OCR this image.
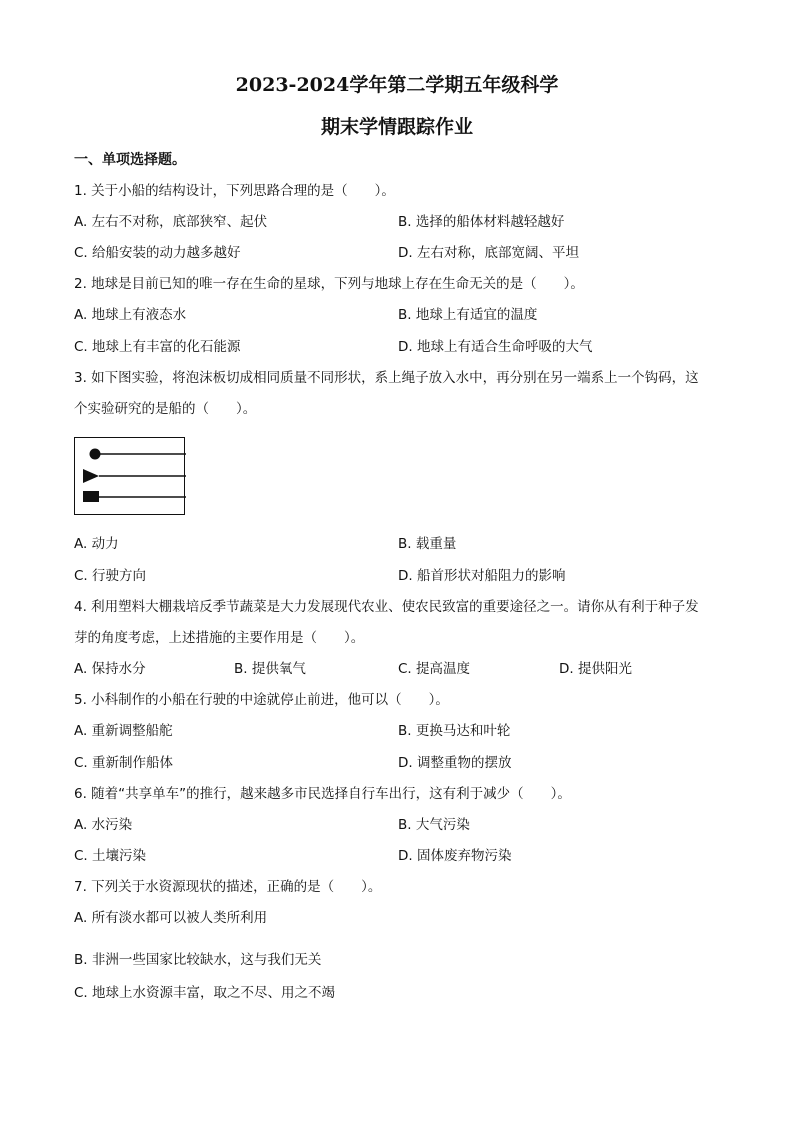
2023-2024学年第二学期五年级科学
期末学情跟踪作业
一、单项选择题。
1. 关于小船的结构设计，下列思路合理的是（　　）。
A. 左右不对称，底部狭窄、起伏	B. 选择的船体材料越轻越好
C. 给船安装的动力越多越好	D. 左右对称，底部宽阔、平坦
2. 地球是目前已知的唯一存在生命的星球，下列与地球上存在生命无关的是（　　）。
A. 地球上有液态水	B. 地球上有适宜的温度
C. 地球上有丰富的化石能源	D. 地球上有适合生命呼吸的大气
3. 如下图实验，将泡沫板切成相同质量不同形状，系上绳子放入水中，再分别在另一端系上一个钩码，这
个实验研究的是船的（　　）。
A. 动力	B. 载重量
C. 行驶方向	D. 船首形状对船阻力的影响
4. 利用塑料大棚栽培反季节蔬菜是大力发展现代农业、使农民致富的重要途径之一。请你从有利于种子发
芽的角度考虑，上述措施的主要作用是（　　）。
A. 保持水分	B. 提供氧气	C. 提高温度	D. 提供阳光
5. 小科制作的小船在行驶的中途就停止前进，他可以（　　）。
A. 重新调整船舵	B. 更换马达和叶轮
C. 重新制作船体	D. 调整重物的摆放
6. 随着“共享单车”的推行，越来越多市民选择自行车出行，这有利于减少（　　）。
A. 水污染	B. 大气污染
C. 土壤污染	D. 固体废弃物污染
7. 下列关于水资源现状的描述，正确的是（　　）。
A. 所有淡水都可以被人类所利用
B. 非洲一些国家比较缺水，这与我们无关
C. 地球上水资源丰富，取之不尽、用之不竭
